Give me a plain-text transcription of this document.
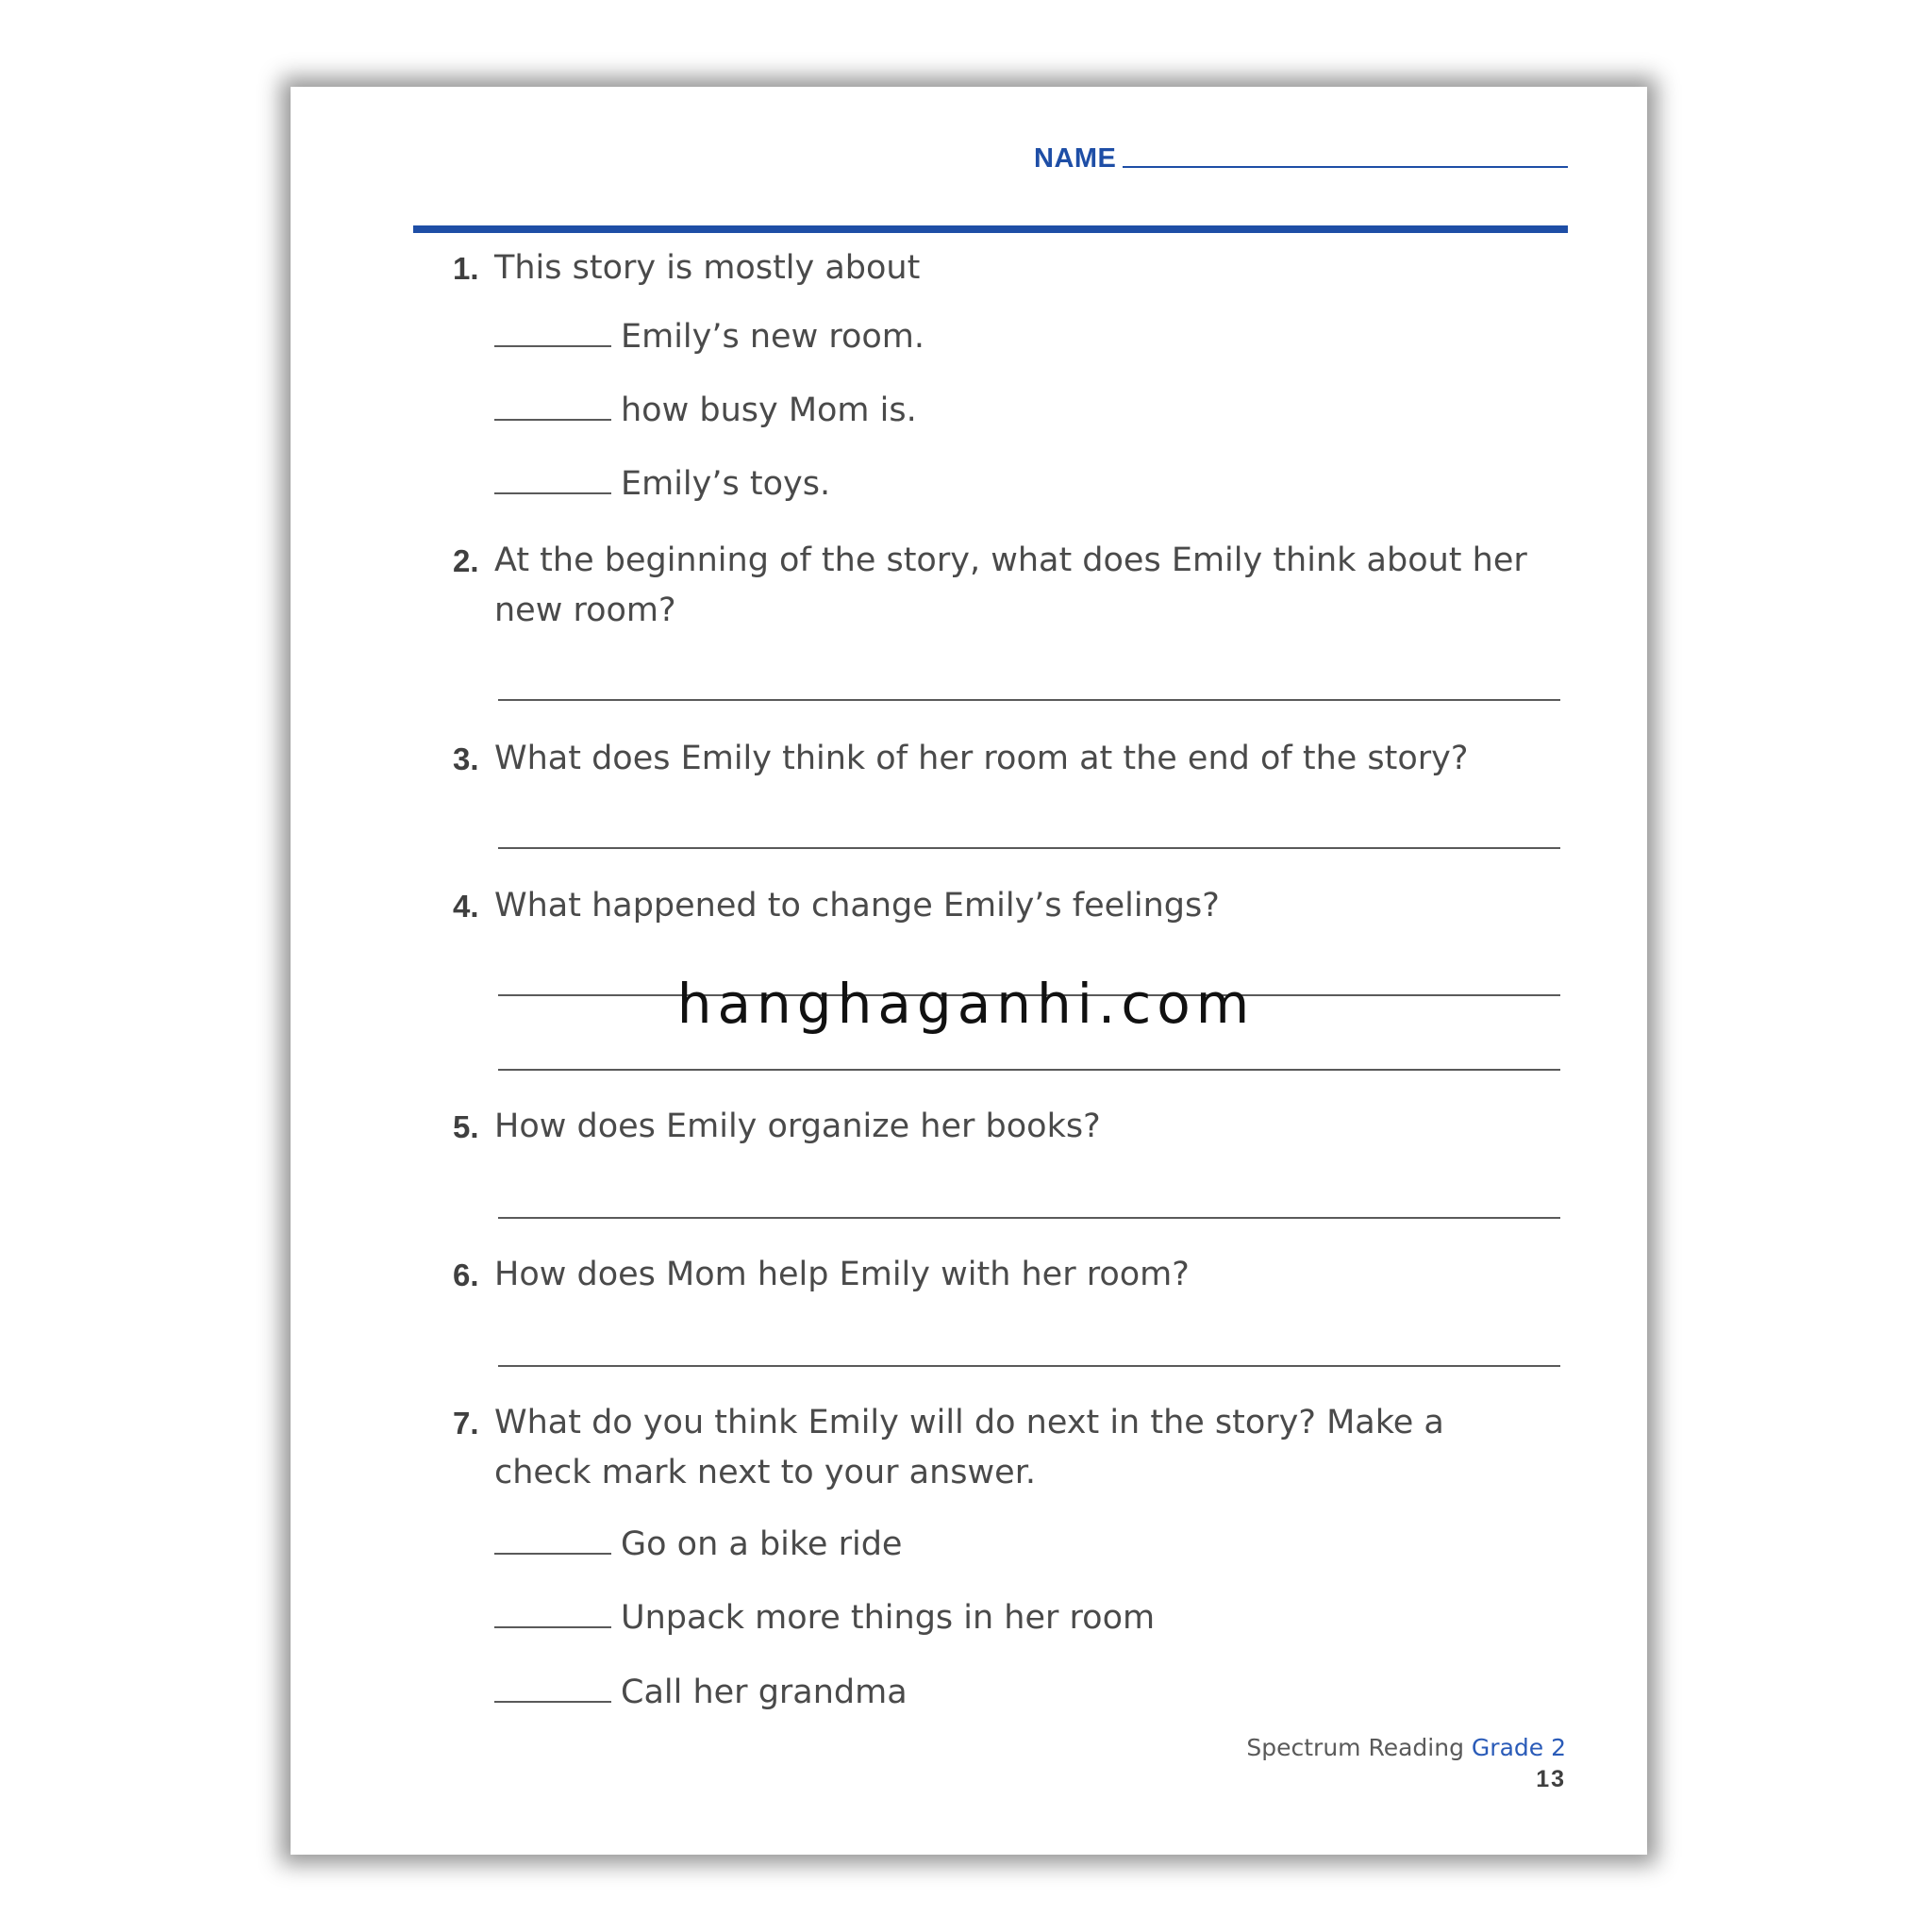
NAME
1. This story is mostly about
Emily’s new room.
how busy Mom is.
Emily’s toys.
2. At the beginning of the story, what does Emily think about her new room?
3. What does Emily think of her room at the end of the story?
4. What happened to change Emily’s feelings?
5. How does Emily organize her books?
6. How does Mom help Emily with her room?
7. What do you think Emily will do next in the story? Make a check mark next to your answer.
Go on a bike ride
Unpack more things in her room
Call her grandma
hanghaganhi.com
Spectrum Reading Grade 2
13
